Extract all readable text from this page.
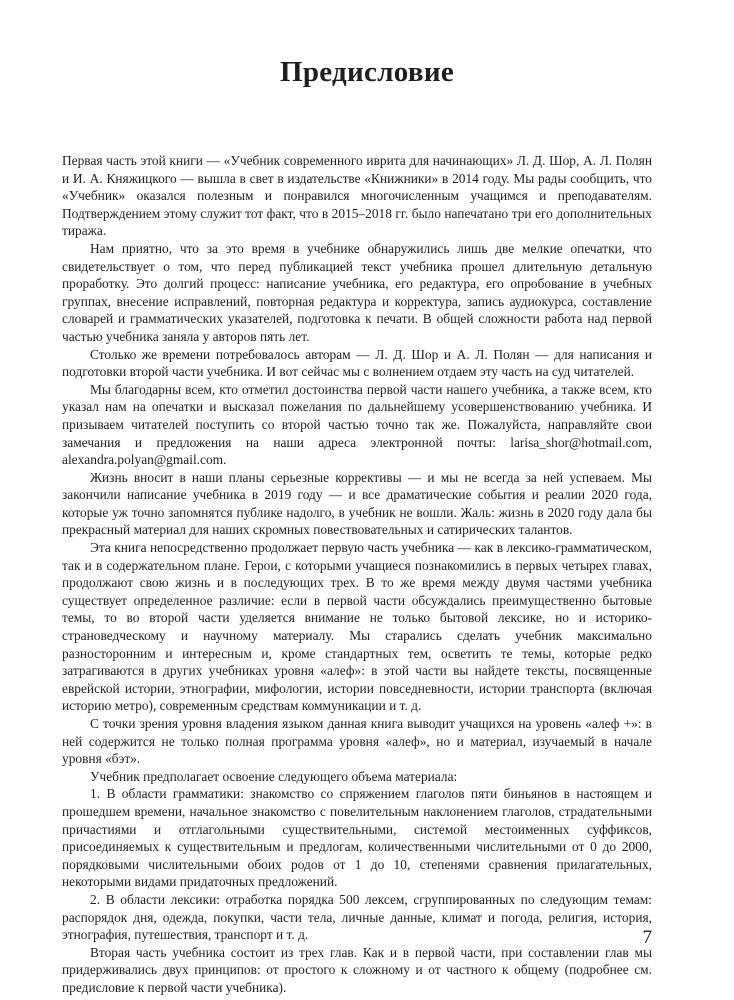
Предисловие

Первая часть этой книги — «Учебник современного иврита для начинающих» Л. Д. Шор, А. Л. Полян и И. А. Княжицкого — вышла в свет в издательстве «Книжники» в 2014 году. Мы рады сообщить, что «Учебник» оказался полезным и понравился многочисленным учащимся и преподавателям. Подтверждением этому служит тот факт, что в 2015–2018 гг. было напечатано три его дополнительных тиража.

Нам приятно, что за это время в учебнике обнаружились лишь две мелкие опечатки, что свидетельствует о том, что перед публикацией текст учебника прошел длительную детальную проработку. Это долгий процесс: написание учебника, его редактура, его опробование в учебных группах, внесение исправлений, повторная редактура и корректура, запись аудиокурса, составление словарей и грамматических указателей, подготовка к печати. В общей сложности работа над первой частью учебника заняла у авторов пять лет.

Столько же времени потребовалось авторам — Л. Д. Шор и А. Л. Полян — для написания и подготовки второй части учебника. И вот сейчас мы с волнением отдаем эту часть на суд читателей.

Мы благодарны всем, кто отметил достоинства первой части нашего учебника, а также всем, кто указал нам на опечатки и высказал пожелания по дальнейшему усовершенствованию учебника. И призываем читателей поступить со второй частью точно так же. Пожалуйста, направляйте свои замечания и предложения на наши адреса электронной почты: larisa_shor@hotmail.com, alexandra.polyan@gmail.com.

Жизнь вносит в наши планы серьезные коррективы — и мы не всегда за ней успеваем. Мы закончили написание учебника в 2019 году — и все драматические события и реалии 2020 года, которые уж точно запомнятся публике надолго, в учебник не вошли. Жаль: жизнь в 2020 году дала бы прекрасный материал для наших скромных повествовательных и сатирических талантов.

Эта книга непосредственно продолжает первую часть учебника — как в лексико-грамматическом, так и в содержательном плане. Герои, с которыми учащиеся познакомились в первых четырех главах, продолжают свою жизнь и в последующих трех. В то же время между двумя частями учебника существует определенное различие: если в первой части обсуждались преимущественно бытовые темы, то во второй части уделяется внимание не только бытовой лексике, но и историко-страноведческому и научному материалу. Мы старались сделать учебник максимально разносторонним и интересным и, кроме стандартных тем, осветить те темы, которые редко затрагиваются в других учебниках уровня «алеф»: в этой части вы найдете тексты, посвященные еврейской истории, этнографии, мифологии, истории повседневности, истории транспорта (включая историю метро), современным средствам коммуникации и т. д.

С точки зрения уровня владения языком данная книга выводит учащихся на уровень «алеф +»: в ней содержится не только полная программа уровня «алеф», но и материал, изучаемый в начале уровня «бэт».

Учебник предполагает освоение следующего объема материала:

1. В области грамматики: знакомство со спряжением глаголов пяти биньянов в настоящем и прошедшем времени, начальное знакомство с повелительным наклонением глаголов, страдательными причастиями и отглагольными существительными, системой местоименных суффиксов, присоединяемых к существительным и предлогам, количественными числительными от 0 до 2000, порядковыми числительными обоих родов от 1 до 10, степенями сравнения прилагательных, некоторыми видами придаточных предложений.

2. В области лексики: отработка порядка 500 лексем, сгруппированных по следующим темам: распорядок дня, одежда, покупки, части тела, личные данные, климат и погода, религия, история, этнография, путешествия, транспорт и т. д.

Вторая часть учебника состоит из трех глав. Как и в первой части, при составлении глав мы придерживались двух принципов: от простого к сложному и от частного к общему (подробнее см. предисловие к первой части учебника).

7
